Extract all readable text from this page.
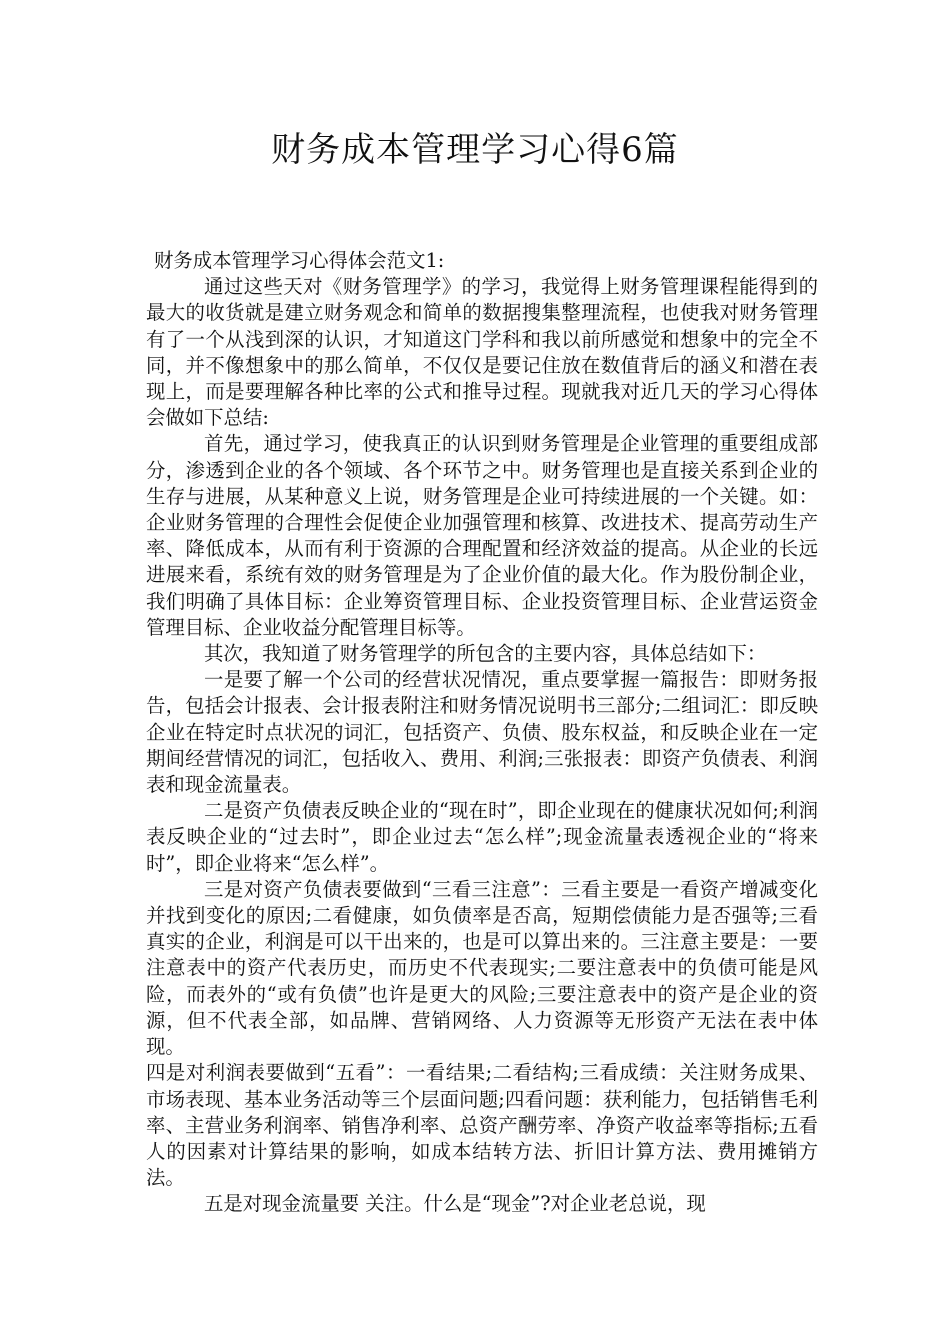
财务成本管理学习心得6篇

财务成本管理学习心得体会范文1:

通过这些天对《财务管理学》的学习，我觉得上财务管理课程能得到的最大的收货就是建立财务观念和简单的数据搜集整理流程，也使我对财务管理有了一个从浅到深的认识，才知道这门学科和我以前所感觉和想象中的完全不同，并不像想象中的那么简单，不仅仅是要记住放在数值背后的涵义和潜在表现上，而是要理解各种比率的公式和推导过程。现就我对近几天的学习心得体会做如下总结:

首先，通过学习，使我真正的认识到财务管理是企业管理的重要组成部分，渗透到企业的各个领域、各个环节之中。财务管理也是直接关系到企业的生存与进展，从某种意义上说，财务管理是企业可持续进展的一个关键。如：企业财务管理的合理性会促使企业加强管理和核算、改进技术、提高劳动生产率、降低成本，从而有利于资源的合理配置和经济效益的提高。从企业的长远进展来看，系统有效的财务管理是为了企业价值的最大化。作为股份制企业，我们明确了具体目标：企业筹资管理目标、企业投资管理目标、企业营运资金管理目标、企业收益分配管理目标等。

其次，我知道了财务管理学的所包含的主要内容，具体总结如下：

一是要了解一个公司的经营状况情况，重点要掌握一篇报告：即财务报告，包括会计报表、会计报表附注和财务情况说明书三部分;二组词汇：即反映企业在特定时点状况的词汇，包括资产、负债、股东权益，和反映企业在一定期间经营情况的词汇，包括收入、费用、利润;三张报表：即资产负债表、利润表和现金流量表。

二是资产负债表反映企业的“现在时”，即企业现在的健康状况如何;利润表反映企业的“过去时”，即企业过去“怎么样”;现金流量表透视企业的“将来时”，即企业将来“怎么样”。

三是对资产负债表要做到“三看三注意”：三看主要是一看资产增减变化并找到变化的原因;二看健康，如负债率是否高，短期偿债能力是否强等;三看真实的企业，利润是可以干出来的，也是可以算出来的。三注意主要是：一要注意表中的资产代表历史，而历史不代表现实;二要注意表中的负债可能是风险，而表外的“或有负债”也许是更大的风险;三要注意表中的资产是企业的资源，但不代表全部，如品牌、营销网络、人力资源等无形资产无法在表中体现。

四是对利润表要做到“五看”：一看结果;二看结构;三看成绩：关注财务成果、市场表现、基本业务活动等三个层面问题;四看问题：获利能力，包括销售毛利率、主营业务利润率、销售净利率、总资产酬劳率、净资产收益率等指标;五看人的因素对计算结果的影响，如成本结转方法、折旧计算方法、费用摊销方法。

五是对现金流量要 关注。什么是“现金”?对企业老总说，现
